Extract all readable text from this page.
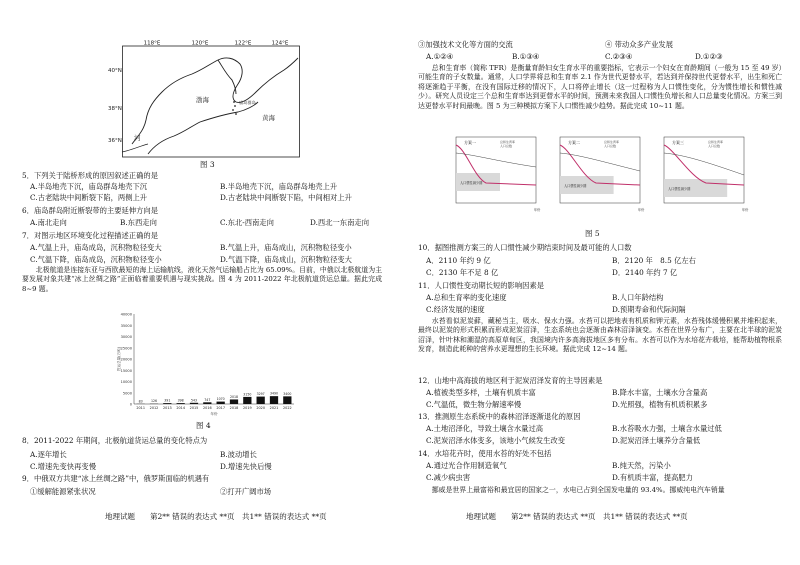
118°E	120°E	122°E	124°E
40°N
38°N
36°N
渤海
黄海
庙岛群岛
河
图 3
5．下列关于陆桥形成的原因叙述正确的是
A.半岛地壳下沉，庙岛群岛地壳下沉	B.半岛地壳下沉，庙岛群岛地壳上升
C.古老陆块中间断裂下陷，两侧上升	D.古老陆块中间断裂下陷，中间相对上升
6．庙岛群岛附近断裂带的主要延伸方向是
A.南北走向	B.东西走向	C.东北-西南走向	D.西北一东南走向
7．对图示地区环境变化过程描述正确的是
A.气温上升，庙岛成岛，沉积物粒径变大	B.气温上升，庙岛成山，沉积物粒径变小
C.气温下降，庙岛成岛，沉积物粒径变小	D.气温下降，庙岛成山，沉积物粒径变大
北极航道是连接东亚与西欧最短的海上运输航线，液化天然气运输船占比为 65.09%。目前，中俄以北极航道为主要发展对象共建“冰上丝绸之路”正面临着重要机遇与现实挑战。图 4 为 2011-2022 年北极航道货运总量。据此完成 8~9 题。
0
5000
10000
15000
20000
25000
30000
35000
40000
货运总量(万吨)
83
2011
126
2012
391
2013
398
2014
543
2015
747
2016
1070
2017
2018
2018
3150
2019
3297
2020
3490
2021
3400
2022
年份
图 4
8．2011-2022 年期间，北极航道货运总量的变化特点为
A.逐年增长	B.波动增长
C.增速先变快再变慢	D.增速先快后慢
9．中俄双方共建“冰上丝绸之路”中，俄罗斯面临的机遇有
①缓解能源紧张状况	②打开广阔市场
地理试题　　第2** 错误的表达式 **页　共1** 错误的表达式 **页
③加强技术文化等方面的交流	④ 带动众多产业发展
A.①②④	B.①③④	C.②③④	D.①②③
总和生育率（简称 TFR）是衡量育龄妇女生育水平的重要指标，它表示一个妇女在育龄期间（一般为 15 至 49 岁）可能生育的子女数量。通常，人口学界将总和生育率 2.1 作为世代更替水平，若达到并保持世代更替水平，出生和死亡将逐渐趋于平衡，在没有国际迁移的情况下，人口将停止增长（这一过程称为人口惯性变化，分为惯性增长和惯性减少）。研究人员设定三个总和生育率达到更替水平的时间，预测未来我国人口惯性负增长和人口总量变化情况。方案三到达更替水平时间最晚。图 5 为三种模拟方案下人口惯性减少趋势。据此完成 10~11 题。
方案一	总和生育率
人口总数
人口惯性减少期
年份
方案二	总和生育率
人口总数
人口惯性减少期
年份
方案三	总和生育率
人口总数
人口惯性减少期
年份
图 5
10．据图推测方案三的人口惯性减少期结束时间及最可能的人口数
A．2110 年约 9 亿	B．2120 年　8.5 亿左右
C．2130 年不足 8 亿	D．2140 年约 7 亿
11．人口惯性变动期长短的影响因素是
A.总和生育率的变化速度	B.人口年龄结构
C.经济发展的速度	D.预期寿命和代际间隔
水苔看似泥炭藓，藏秘当主，吸水、保水力强。水苔可以把地表有机质和钾元素，水苔残体缓慢积累并堆积起来，最终以泥炭的形式积累而形成泥炭沼泽，生态系统也会逐渐由森林沼泽演变。水苔在世界分布广，主要在北半球的泥炭沼泽，针叶林和潮湿的高原草甸区，我国境内许多高海拔地区多有分布。水苔可以作为水培花卉栽培，能帮助植物根系发育，制造此耗种的营养水更理想的生长环境。据此完成 12~14 题。
12．山地中高海拔的地区利于泥炭沼泽发育的主导因素是
A.植被类型多样，土壤有机质丰富	B.降水丰富，土壤水分含量高
C.气温低，微生物分解速率慢	D.光照强，植物有机质积累多
13．推测原生态系统中的森林沼泽逐渐退化的原因
A.土地沼泽化，导致土壤含水量过高	B.水苔吸水力强，土壤含水量过低
C.泥炭沼泽水体变多，该地小气候发生改变	D.泥炭沼泽土壤养分含量低
14．水培花卉时，使用水苔的好处不包括
A.通过光合作用制造氧气	B.纯天然，污染小
C.减少病虫害	D.有机质丰富，提高肥力
挪威是世界上最富裕和最宜居的国家之一，水电已占到全国发电量的 93.4%。挪威纯电汽车销量
地理试题　　第2** 错误的表达式 **页　共1** 错误的表达式 **页
